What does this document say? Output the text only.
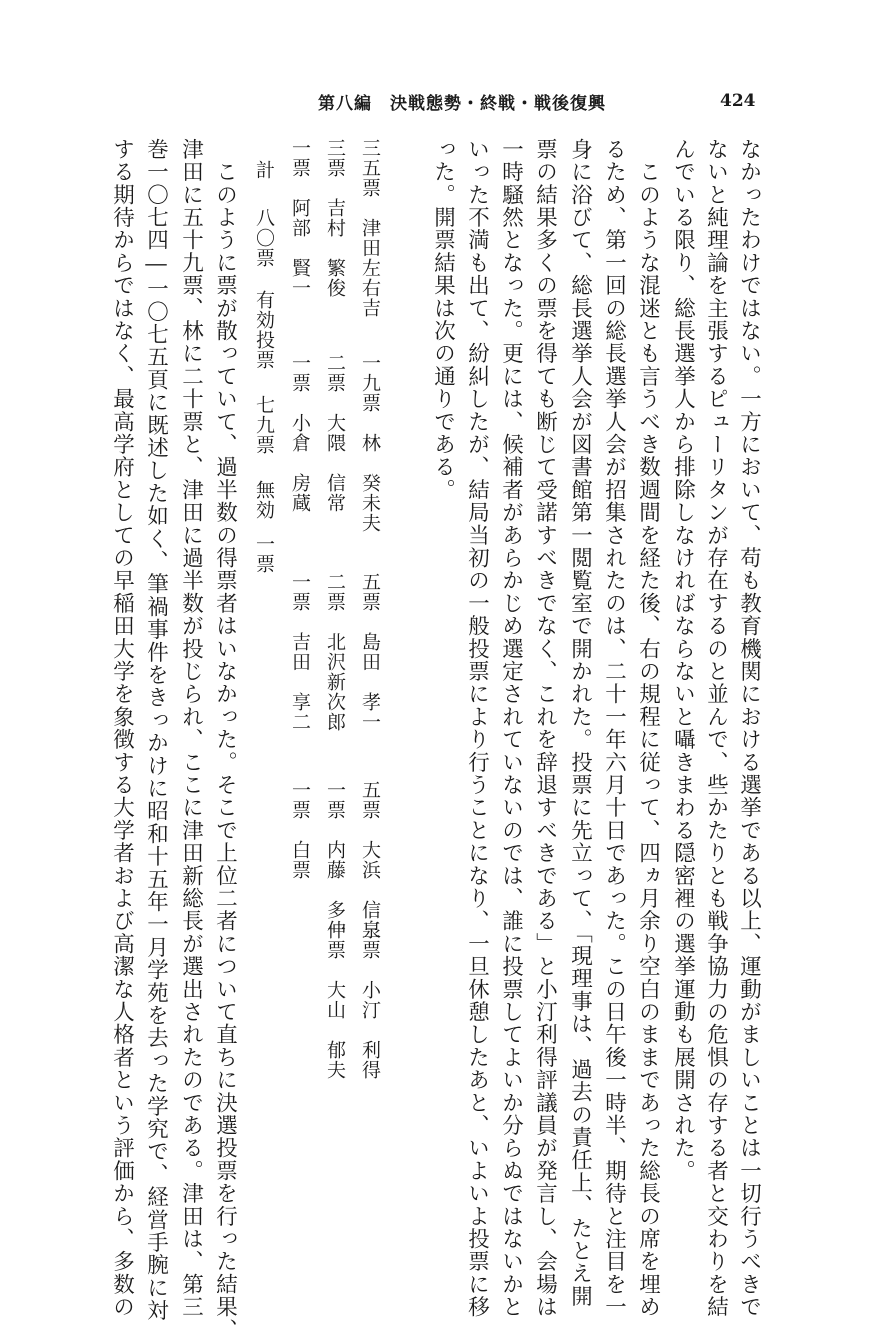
第八編　決戦態勢・終戦・戦後復興	424
なかったわけではない。一方において、苟も教育機関における選挙である以上、運動がましいことは一切行うべきで
ないと純理論を主張するピューリタンが存在するのと並んで、些かたりとも戦争協力の危惧の存する者と交わりを結
んでいる限り、総長選挙人から排除しなければならないと囁きまわる隠密裡の選挙運動も展開された。
　このような混迷とも言うべき数週間を経た後、右の規程に従って、四ヵ月余り空白のままであった総長の席を埋め
るため、第一回の総長選挙人会が招集されたのは、二十一年六月十日であった。この日午後一時半、期待と注目を一
身に浴びて、総長選挙人会が図書館第一閲覧室で開かれた。投票に先立って、「現理事は、過去の責任上、たとえ開
票の結果多くの票を得ても断じて受諾すべきでなく、これを辞退すべきである」と小汀利得評議員が発言し、会場は
一時騒然となった。更には、候補者があらかじめ選定されていないのでは、誰に投票してよいか分らぬではないかと
いった不満も出て、紛糾したが、結局当初の一般投票により行うことになり、一旦休憩したあと、いよいよ投票に移
った。開票結果は次の通りである。
三五票　津田左右吉
一九票　林　癸未夫
五票　島田　孝一
五票　大浜　信泉
三票　小汀　利得
三票　吉村　繁俊
二票　大隈　信常
二票　北沢新次郎
一票　内藤　多仲
一票　大山　郁夫
一票　阿部　賢一
一票　小倉　房蔵
一票　吉田　享二
一票　白票
計
八〇票
有効投票
七九票
無効
一票
　このように票が散っていて、過半数の得票者はいなかった。そこで上位二者について直ちに決選投票を行った結果、
津田に五十九票、林に二十票と、津田に過半数が投じられ、ここに津田新総長が選出されたのである。津田は、第三
巻一〇七四―一〇七五頁に既述した如く、筆禍事件をきっかけに昭和十五年一月学苑を去った学究で、経営手腕に対
する期待からではなく、最高学府としての早稲田大学を象徴する大学者および高潔な人格者という評価から、多数の
